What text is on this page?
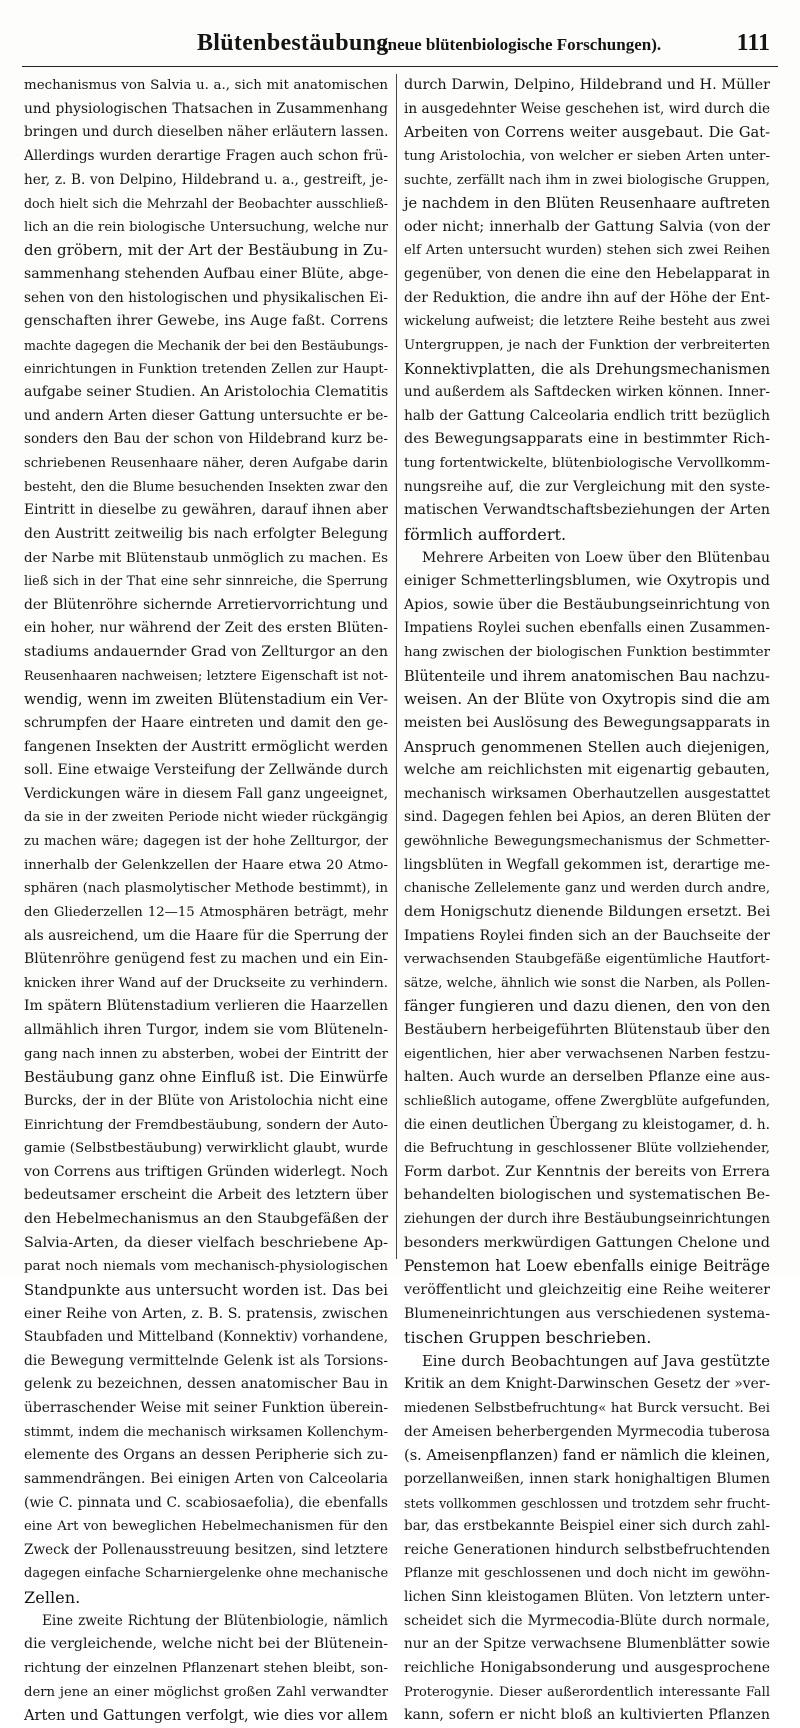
Blütenbestäubung
(neue blütenbiologische Forschungen).	111
mechanismus von Salvia u. a., sich mit anatomischen
und physiologischen Thatsachen in Zusammenhang
bringen und durch dieselben näher erläutern lassen.
Allerdings wurden derartige Fragen auch schon frü-
her, z. B. von Delpino, Hildebrand u. a., gestreift, je-
doch hielt sich die Mehrzahl der Beobachter ausschließ-
lich an die rein biologische Untersuchung, welche nur
den gröbern, mit der Art der Bestäubung in Zu-
sammenhang stehenden Aufbau einer Blüte, abge-
sehen von den histologischen und physikalischen Ei-
genschaften ihrer Gewebe, ins Auge faßt. Correns
machte dagegen die Mechanik der bei den Bestäubungs-
einrichtungen in Funktion tretenden Zellen zur Haupt-
aufgabe seiner Studien. An Aristolochia Clematitis
und andern Arten dieser Gattung untersuchte er be-
sonders den Bau der schon von Hildebrand kurz be-
schriebenen Reusenhaare näher, deren Aufgabe darin
besteht, den die Blume besuchenden Insekten zwar den
Eintritt in dieselbe zu gewähren, darauf ihnen aber
den Austritt zeitweilig bis nach erfolgter Belegung
der Narbe mit Blütenstaub unmöglich zu machen. Es
ließ sich in der That eine sehr sinnreiche, die Sperrung
der Blütenröhre sichernde Arretiervorrichtung und
ein hoher, nur während der Zeit des ersten Blüten-
stadiums andauernder Grad von Zellturgor an den
Reusenhaaren nachweisen; letztere Eigenschaft ist not-
wendig, wenn im zweiten Blütenstadium ein Ver-
schrumpfen der Haare eintreten und damit den ge-
fangenen Insekten der Austritt ermöglicht werden
soll. Eine etwaige Versteifung der Zellwände durch
Verdickungen wäre in diesem Fall ganz ungeeignet,
da sie in der zweiten Periode nicht wieder rückgängig
zu machen wäre; dagegen ist der hohe Zellturgor, der
innerhalb der Gelenkzellen der Haare etwa 20 Atmo-
sphären (nach plasmolytischer Methode bestimmt), in
den Gliederzellen 12—15 Atmosphären beträgt, mehr
als ausreichend, um die Haare für die Sperrung der
Blütenröhre genügend fest zu machen und ein Ein-
knicken ihrer Wand auf der Druckseite zu verhindern.
Im spätern Blütenstadium verlieren die Haarzellen
allmählich ihren Turgor, indem sie vom Blüteneln-
gang nach innen zu absterben, wobei der Eintritt der
Bestäubung ganz ohne Einfluß ist. Die Einwürfe
Burcks, der in der Blüte von Aristolochia nicht eine
Einrichtung der Fremdbestäubung, sondern der Auto-
gamie (Selbstbestäubung) verwirklicht glaubt, wurde
von Correns aus triftigen Gründen widerlegt. Noch
bedeutsamer erscheint die Arbeit des letztern über
den Hebelmechanismus an den Staubgefäßen der
Salvia-Arten, da dieser vielfach beschriebene Ap-
parat noch niemals vom mechanisch-physiologischen
Standpunkte aus untersucht worden ist. Das bei
einer Reihe von Arten, z. B. S. pratensis, zwischen
Staubfaden und Mittelband (Konnektiv) vorhandene,
die Bewegung vermittelnde Gelenk ist als Torsions-
gelenk zu bezeichnen, dessen anatomischer Bau in
überraschender Weise mit seiner Funktion überein-
stimmt, indem die mechanisch wirksamen Kollenchym-
elemente des Organs an dessen Peripherie sich zu-
sammendrängen. Bei einigen Arten von Calceolaria
(wie C. pinnata und C. scabiosaefolia), die ebenfalls
eine Art von beweglichen Hebelmechanismen für den
Zweck der Pollenausstreuung besitzen, sind letztere
dagegen einfache Scharniergelenke ohne mechanische
Zellen.
Eine zweite Richtung der Blütenbiologie, nämlich
die vergleichende, welche nicht bei der Blütenein-
richtung der einzelnen Pflanzenart stehen bleibt, son-
dern jene an einer möglichst großen Zahl verwandter
Arten und Gattungen verfolgt, wie dies vor allem
durch Darwin, Delpino, Hildebrand und H. Müller
in ausgedehnter Weise geschehen ist, wird durch die
Arbeiten von Correns weiter ausgebaut. Die Gat-
tung Aristolochia, von welcher er sieben Arten unter-
suchte, zerfällt nach ihm in zwei biologische Gruppen,
je nachdem in den Blüten Reusenhaare auftreten
oder nicht; innerhalb der Gattung Salvia (von der
elf Arten untersucht wurden) stehen sich zwei Reihen
gegenüber, von denen die eine den Hebelapparat in
der Reduktion, die andre ihn auf der Höhe der Ent-
wickelung aufweist; die letztere Reihe besteht aus zwei
Untergruppen, je nach der Funktion der verbreiterten
Konnektivplatten, die als Drehungsmechanismen
und außerdem als Saftdecken wirken können. Inner-
halb der Gattung Calceolaria endlich tritt bezüglich
des Bewegungsapparats eine in bestimmter Rich-
tung fortentwickelte, blütenbiologische Vervollkomm-
nungsreihe auf, die zur Vergleichung mit den syste-
matischen Verwandtschaftsbeziehungen der Arten
förmlich auffordert.
Mehrere Arbeiten von Loew über den Blütenbau
einiger Schmetterlingsblumen, wie Oxytropis und
Apios, sowie über die Bestäubungseinrichtung von
Impatiens Roylei suchen ebenfalls einen Zusammen-
hang zwischen der biologischen Funktion bestimmter
Blütenteile und ihrem anatomischen Bau nachzu-
weisen. An der Blüte von Oxytropis sind die am
meisten bei Auslösung des Bewegungsapparats in
Anspruch genommenen Stellen auch diejenigen,
welche am reichlichsten mit eigenartig gebauten,
mechanisch wirksamen Oberhautzellen ausgestattet
sind. Dagegen fehlen bei Apios, an deren Blüten der
gewöhnliche Bewegungsmechanismus der Schmetter-
lingsblüten in Wegfall gekommen ist, derartige me-
chanische Zellelemente ganz und werden durch andre,
dem Honigschutz dienende Bildungen ersetzt. Bei
Impatiens Roylei finden sich an der Bauchseite der
verwachsenden Staubgefäße eigentümliche Hautfort-
sätze, welche, ähnlich wie sonst die Narben, als Pollen-
fänger fungieren und dazu dienen, den von den
Bestäubern herbeigeführten Blütenstaub über den
eigentlichen, hier aber verwachsenen Narben festzu-
halten. Auch wurde an derselben Pflanze eine aus-
schließlich autogame, offene Zwergblüte aufgefunden,
die einen deutlichen Übergang zu kleistogamer, d. h.
die Befruchtung in geschlossener Blüte vollziehender,
Form darbot. Zur Kenntnis der bereits von Errera
behandelten biologischen und systematischen Be-
ziehungen der durch ihre Bestäubungseinrichtungen
besonders merkwürdigen Gattungen Chelone und
Penstemon hat Loew ebenfalls einige Beiträge
veröffentlicht und gleichzeitig eine Reihe weiterer
Blumeneinrichtungen aus verschiedenen systema-
tischen Gruppen beschrieben.
Eine durch Beobachtungen auf Java gestützte
Kritik an dem Knight-Darwinschen Gesetz der »ver-
miedenen Selbstbefruchtung« hat Burck versucht. Bei
der Ameisen beherbergenden Myrmecodia tuberosa
(s. Ameisenpflanzen) fand er nämlich die kleinen,
porzellanweißen, innen stark honighaltigen Blumen
stets vollkommen geschlossen und trotzdem sehr frucht-
bar, das erstbekannte Beispiel einer sich durch zahl-
reiche Generationen hindurch selbstbefruchtenden
Pflanze mit geschlossenen und doch nicht im gewöhn-
lichen Sinn kleistogamen Blüten. Von letztern unter-
scheidet sich die Myrmecodia-Blüte durch normale,
nur an der Spitze verwachsene Blumenblätter sowie
reichliche Honigabsonderung und ausgesprochene
Proterogynie. Dieser außerordentlich interessante Fall
kann, sofern er nicht bloß an kultivierten Pflanzen
